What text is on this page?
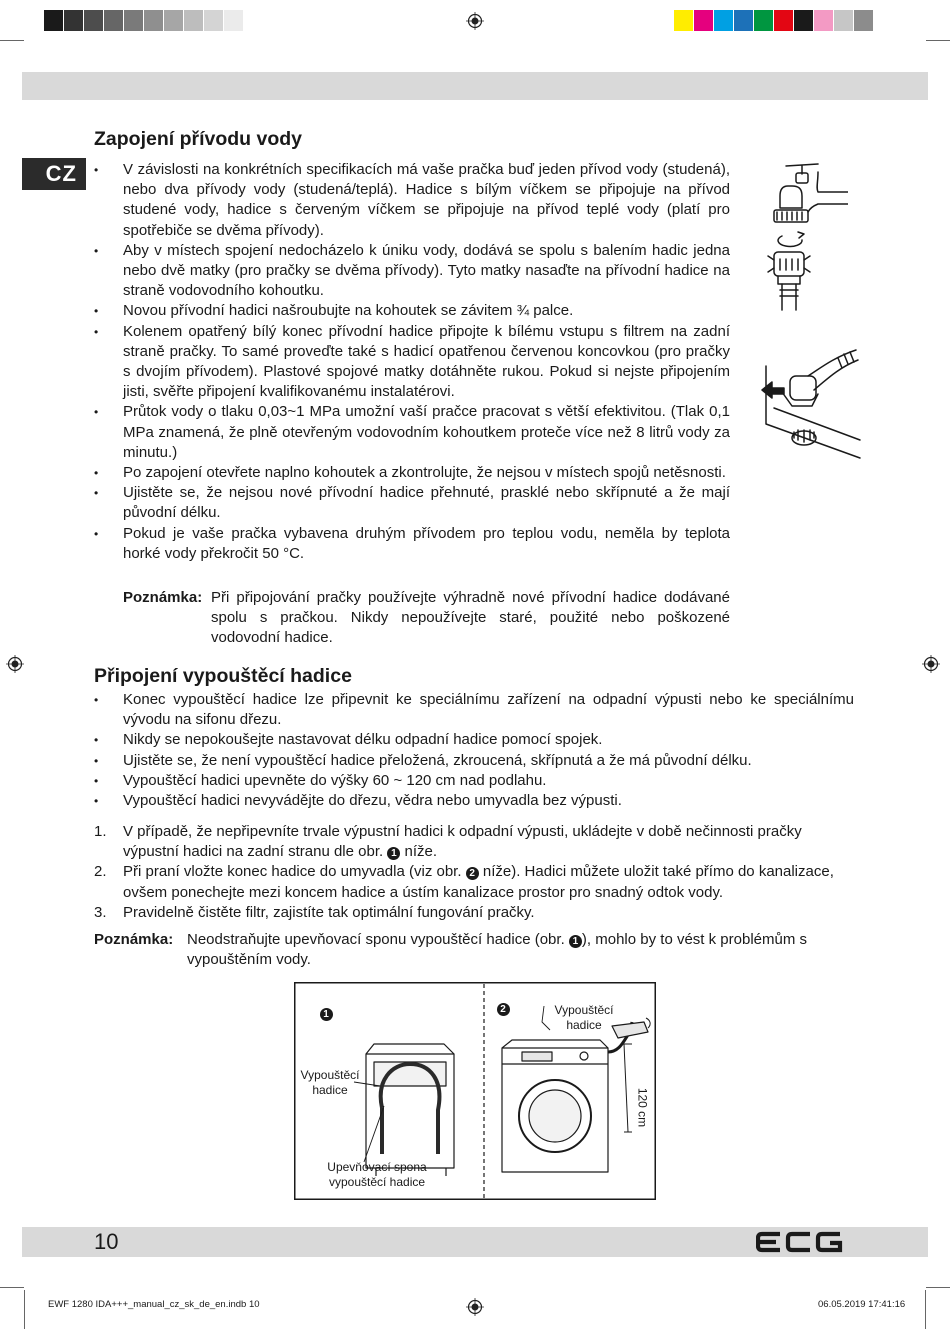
CZ
Zapojení přívodu vody
• V závislosti na konkrétních specifikacích má vaše pračka buď jeden přívod vody (studená), nebo dva přívody vody (studená/teplá). Hadice s bílým víčkem se připojuje na přívod studené vody, hadice s červeným víčkem se připojuje na přívod teplé vody (platí pro spotřebiče se dvěma přívody).
• Aby v místech spojení nedocházelo k úniku vody, dodává se spolu s balením hadic jedna nebo dvě matky (pro pračky se dvěma přívody). Tyto matky nasaďte na přívodní hadice na straně vodovodního kohoutku.
• Novou přívodní hadici našroubujte na kohoutek se závitem ¾ palce.
• Kolenem opatřený bílý konec přívodní hadice připojte k bílému vstupu s filtrem na zadní straně pračky. To samé proveďte také s hadicí opatřenou červenou koncovkou (pro pračky s dvojím přívodem). Plastové spojové matky dotáhněte rukou. Pokud si nejste připojením jisti, svěřte připojení kvalifikovanému instalatérovi.
• Průtok vody o tlaku 0,03~1 MPa umožní vaší pračce pracovat s větší efektivitou. (Tlak 0,1 MPa znamená, že plně otevřeným vodovodním kohoutkem proteče více než 8 litrů vody za minutu.)
• Po zapojení otevřete naplno kohoutek a zkontrolujte, že nejsou v místech spojů netěsnosti.
• Ujistěte se, že nejsou nové přívodní hadice přehnuté, prasklé nebo skřípnuté a že mají původní délku.
• Pokud je vaše pračka vybavena druhým přívodem pro teplou vodu, neměla by teplota horké vody překročit 50 °C.
Poznámka: Při připojování pračky používejte výhradně nové přívodní hadice dodávané spolu s pračkou. Nikdy nepoužívejte staré, použité nebo poškozené vodovodní hadice.
Připojení vypouštěcí hadice
• Konec vypouštěcí hadice lze připevnit ke speciálnímu zařízení na odpadní výpusti nebo ke speciálnímu vývodu na sifonu dřezu.
• Nikdy se nepokoušejte nastavovat délku odpadní hadice pomocí spojek.
• Ujistěte se, že není vypouštěcí hadice přeložená, zkroucená, skřípnutá a že má původní délku.
• Vypouštěcí hadici upevněte do výšky 60 ~ 120 cm nad podlahu.
• Vypouštěcí hadici nevyvádějte do dřezu, vědra nebo umyvadla bez výpusti.
1. V případě, že nepřipevníte trvale výpustní hadici k odpadní výpusti, ukládejte v době nečinnosti pračky výpustní hadici na zadní stranu dle obr. 1 níže.
2. Při praní vložte konec hadice do umyvadla (viz obr. 2 níže). Hadici můžete uložit také přímo do kanalizace, ovšem ponechejte mezi koncem hadice a ústím kanalizace prostor pro snadný odtok vody.
3. Pravidelně čistěte filtr, zajistíte tak optimální fungování pračky.
Poznámka: Neodstraňujte upevňovací sponu vypouštěcí hadice (obr. 1 ), mohlo by to vést k problémům s vypouštěním vody.
1	2
Vypouštěcí hadice
Upevňovací spona vypouštěcí hadice
Vypouštěcí hadice
120 cm
10
EWF 1280 IDA+++_manual_cz_sk_de_en.indb 10	06.05.2019 17:41:16
